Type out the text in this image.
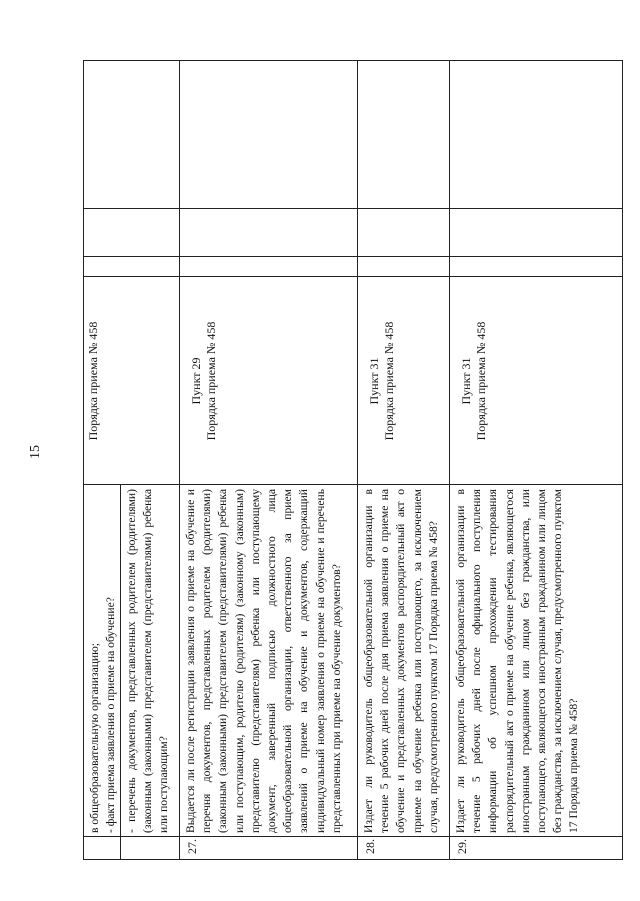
15

в общеобразовательную организацию; - факт приема заявления о приеме на обучение?

Порядка приема № 458

- перечень документов, представленных родителем (родителями) (законным (законными) представителем (представителями) ребенка или поступающим?

27.

Выдается ли после регистрации заявления о приеме на обучение и перечня документов, представленных родителем (родителями) (законным (законными) представителем (представителями) ребенка или поступающим, родителю (родителям) (законному (законным) представителю (представителям) ребенка или поступающему документ, заверенный подписью должностного лица общеобразовательной организации, ответственного за прием заявлений о приеме на обучение и документов, содержащий индивидуальный номер заявления о приеме на обучение и перечень представленных при приеме на обучение документов?

Пункт 29 Порядка приема № 458
28.

Издает ли руководитель общеобразовательной организации в течение 5 рабочих дней после дня приема заявления о приеме на обучение и представленных документов распорядительный акт о приеме на обучение ребенка или поступающего, за исключением случая, предусмотренного пунктом 17 Порядка приема № 458?

Пункт 31 Порядка приема № 458
29.

Издает ли руководитель общеобразовательной организации в течение 5 рабочих дней после официального поступления информации об успешном прохождении тестирования распорядительный акт о приеме на обучение ребенка, являющегося иностранным гражданином или лицом без гражданства, или поступающего, являющегося иностранным гражданином или лицом без гражданства, за исключением случая, предусмотренного пунктом 17 Порядка приема № 458?

Пункт 31 Порядка приема № 458
